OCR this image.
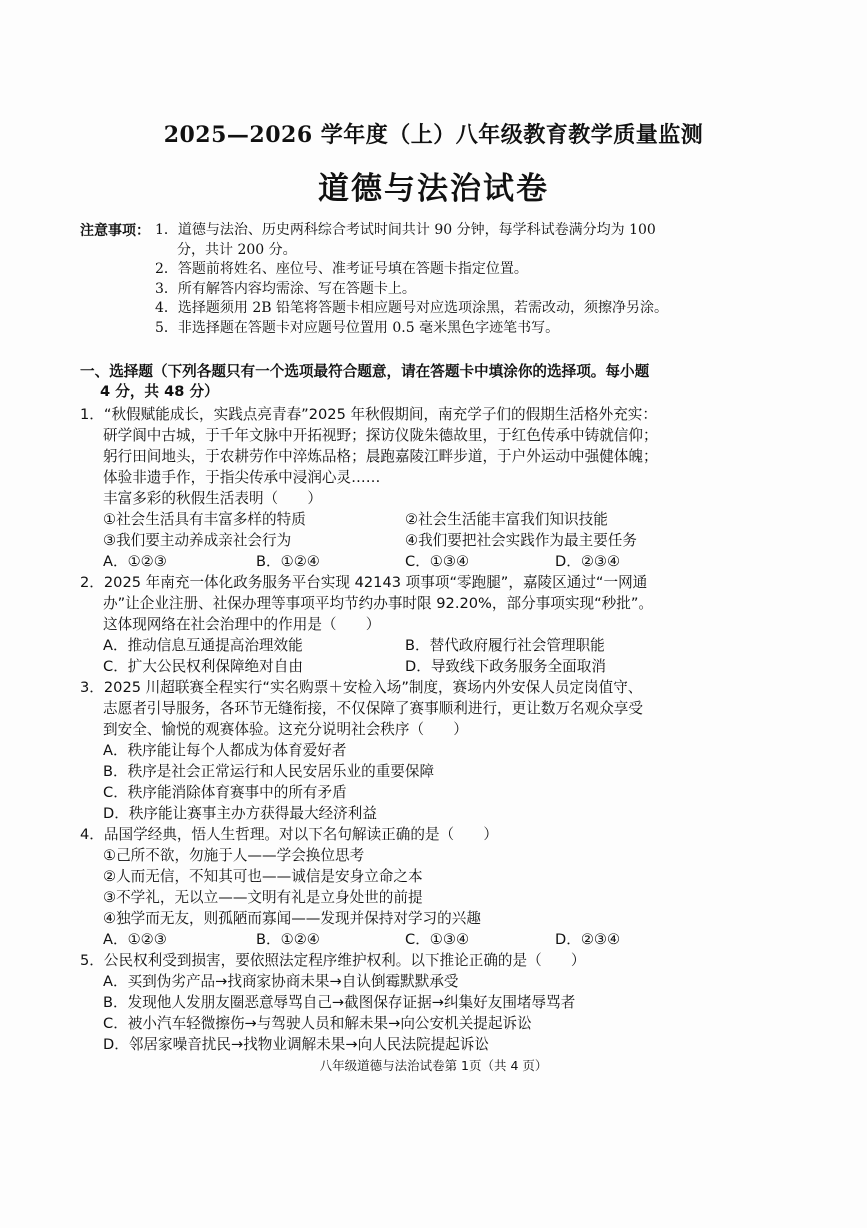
2025—2026 学年度（上）八年级教育教学质量监测
道德与法治试卷
注意事项： 1．道德与法治、历史两科综合考试时间共计 90 分钟，每学科试卷满分均为 100
分，共计 200 分。
2．答题前将姓名、座位号、准考证号填在答题卡指定位置。
3．所有解答内容均需涂、写在答题卡上。
4．选择题须用 2B 铅笔将答题卡相应题号对应选项涂黑，若需改动，须擦净另涂。
5．非选择题在答题卡对应题号位置用 0.5 毫米黑色字迹笔书写。
一、选择题（下列各题只有一个选项最符合题意，请在答题卡中填涂你的选择项。每小题
4 分，共 48 分）
1．“秋假赋能成长，实践点亮青春”2025 年秋假期间，南充学子们的假期生活格外充实：
研学阆中古城，于千年文脉中开拓视野；探访仪陇朱德故里，于红色传承中铸就信仰；
躬行田间地头，于农耕劳作中淬炼品格；晨跑嘉陵江畔步道，于户外运动中强健体魄；
体验非遗手作，于指尖传承中浸润心灵……
丰富多彩的秋假生活表明（　　）
①社会生活具有丰富多样的特质	②社会生活能丰富我们知识技能
③我们要主动养成亲社会行为	④我们要把社会实践作为最主要任务
A．①②③	B．①②④	C．①③④	D．②③④
2．2025 年南充一体化政务服务平台实现 42143 项事项“零跑腿”，嘉陵区通过“一网通
办”让企业注册、社保办理等事项平均节约办事时限 92.20%，部分事项实现“秒批”。
这体现网络在社会治理中的作用是（　　）
A．推动信息互通提高治理效能	B．替代政府履行社会管理职能
C．扩大公民权利保障绝对自由	D．导致线下政务服务全面取消
3．2025 川超联赛全程实行“实名购票＋安检入场”制度，赛场内外安保人员定岗值守、
志愿者引导服务，各环节无缝衔接，不仅保障了赛事顺利进行，更让数万名观众享受
到安全、愉悦的观赛体验。这充分说明社会秩序（　　）
A．秩序能让每个人都成为体育爱好者
B．秩序是社会正常运行和人民安居乐业的重要保障
C．秩序能消除体育赛事中的所有矛盾
D．秩序能让赛事主办方获得最大经济利益
4．品国学经典，悟人生哲理。对以下名句解读正确的是（　　）
①己所不欲，勿施于人——学会换位思考
②人而无信，不知其可也——诚信是安身立命之本
③不学礼，无以立——文明有礼是立身处世的前提
④独学而无友，则孤陋而寡闻——发现并保持对学习的兴趣
A．①②③	B．①②④	C．①③④	D．②③④
5．公民权利受到损害，要依照法定程序维护权利。以下推论正确的是（　　）
A．买到伪劣产品→找商家协商未果→自认倒霉默默承受
B．发现他人发朋友圈恶意辱骂自己→截图保存证据→纠集好友围堵辱骂者
C．被小汽车轻微擦伤→与驾驶人员和解未果→向公安机关提起诉讼
D．邻居家噪音扰民→找物业调解未果→向人民法院提起诉讼
八年级道德与法治试卷第 1页（共 4 页）
